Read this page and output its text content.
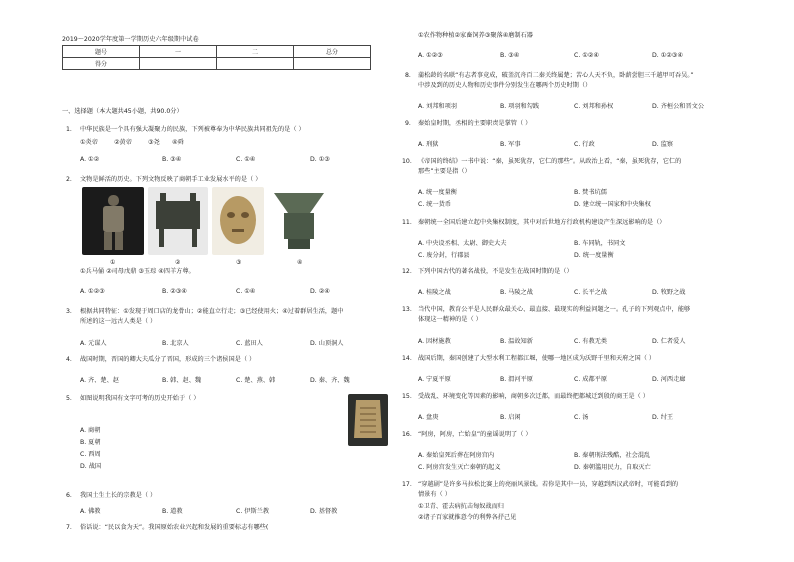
2019～2020学年度第一学期历史六年级期中试卷
题号	一	二	总分
得分			
一、选择题（本大题共45小题，共90.0分）
1. 中华民族是一个具有强大凝聚力的民族，下列被尊奉为中华民族共同祖先的是（ ）
①炎帝	②黄帝	③尧 ④舜
A. ①②	B. ③④	C. ①④	D. ①③
2. 文物是鲜活的历史。下列文物反映了商朝手工业发展水平的是（ ）
①	②	③	④
①兵马俑 ②司母戊鼎 ③玉琮 ④四羊方尊。
A. ①②③	B. ②③④	C. ①④	D. ②④
3. 根据共同特征：①发现于周口店的龙骨山；②能直立行走；③已经使用火；④过着群居生活，题中
所述的这一远古人类是（ ）
A. 元谋人	B. 北京人	C. 蓝田人	D. 山顶洞人
4. 战国时期，晋国的卿大夫瓜分了晋国，形成的三个诸侯国是（ ）
A. 齐、楚、赵	B. 韩、赵、魏	C. 楚、燕、韩	D. 秦、齐、魏
5. 如图说明我国有文字可考的历史开始于（ ）
A. 商朝
B. 夏朝
C. 西周
D. 战国
6. 我国土生土长的宗教是（ ）
A. 佛教	B. 道教	C. 伊斯兰教	D. 基督教
7. 俗话说：“民以食为天”。我国原始农业兴起和发展的重要标志有哪些(
①农作物种植②家畜饲养③聚落④磨制石器
A. ①②③	B. ③④	C. ①②④	D. ①②③④
8. 蒲松龄的名联“有志者事竟成，破釜沉舟百二秦关终属楚；苦心人天不负，卧薪尝胆三千越甲可吞吴。”
中涉及到的历史人物和历史事件分别发生在哪两个历史时期（）
A. 刘邦和项羽	B. 项羽和勾践	C. 刘邦和孙权	D. 齐桓公和晋文公
9. 秦始皇时期，丞相的主要职责是掌管（ ）
A. 刑狱	B. 军事	C. 行政	D. 监察
10. 《帝国的终结》一书中说：“秦，虽死犹存，它仁的那些”。从政治上看，“秦，虽死犹存，它仁的
那些”主要是指（）
A. 统一度量衡	B. 焚书坑儒
C. 统一货币	D. 建立统一国家和中央集权
11. 秦朝统一全国后建立起中央集权制度，其中对后世地方行政机构建设产生深远影响的是（）
A. 中央设丞相、太尉、御史大夫	B. 车同轨，书同文
C. 废分封，行郡县	D. 统一度量衡
12. 下列中国古代的著名战役，不是发生在战国时期的是（）
A. 桂陵之战	B. 马陵之战	C. 长平之战	D. 牧野之战
13. 当代中国，教育公平是人民群众最关心、最直接、最现实的利益问题之一。孔子的下列观点中，能够
体现这一精神的是（ ）
A. 因材施教	B. 温故知新	C. 有教无类	D. 仁者爱人
14. 战国后期，秦国创建了大型水利工程都江堰，使哪一地区成为沃野千里和天府之国（ ）
A. 宁夏平原	B. 渭河平原	C. 成都平原	D. 河西走廊
15. 受战乱、环境变化等因素的影响，商朝多次迁都，而最终把都城迁到殷的商王是（ ）
A. 盘庚	B. 启闲	C. 汤	D. 纣王
16. “阿房，阿房，亡始皇”的童谣说明了（ ）
A. 秦始皇死后葬在阿房宫内	B. 秦朝刑法残酷，社会混乱
C. 阿房宫发生灭亡秦朝的起义	D. 秦朝滥用民力，自取灭亡
17. “穿越剧”是许多马拉松比赛上的亮丽风景线。若你是其中一员，穿越到西汉武帝时，可能看到的
情景有（ ）
①卫青、霍去病抗击匈奴战而归
②诸子百家就推意令的利弊各抒己见
